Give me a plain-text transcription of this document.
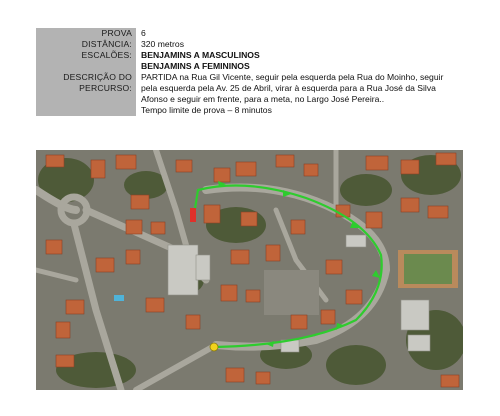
PROVA	6
DISTÂNCIA:	320 metros
ESCALÕES:	BENJAMINS A MASCULINOS
BENJAMINS A FEMININOS
DESCRIÇÃO DO	PARTIDA na Rua Gil Vicente, seguir pela esquerda pela Rua do Moinho, seguir
PERCURSO:	pela esquerda pela Av. 25 de Abril, virar à esquerda para a Rua José da Silva
Afonso e seguir em frente, para a meta, no Largo José Pereira..
Tempo limite de prova – 8 minutos
